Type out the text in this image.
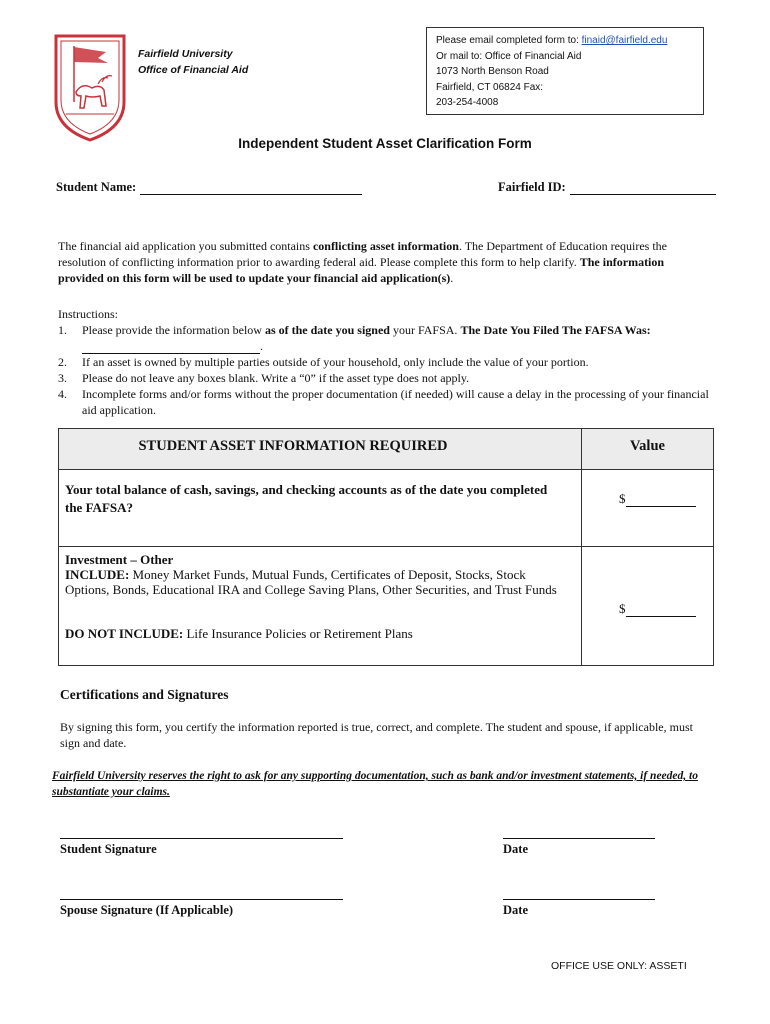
Fairfield University
Office of Financial Aid
Please email completed form to: finaid@fairfield.edu
Or mail to: Office of Financial Aid
1073 North Benson Road
Fairfield, CT 06824 Fax:
203-254-4008
Independent Student Asset Clarification Form
Student Name:	Fairfield ID:
The financial aid application you submitted contains conflicting asset information. The Department of Education requires the resolution of conflicting information prior to awarding federal aid. Please complete this form to help clarify. The information provided on this form will be used to update your financial aid application(s).
Instructions:
1. Please provide the information below as of the date you signed your FAFSA. The Date You Filed The FAFSA Was:
.
2. If an asset is owned by multiple parties outside of your household, only include the value of your portion.
3. Please do not leave any boxes blank. Write a “0” if the asset type does not apply.
4. Incomplete forms and/or forms without the proper documentation (if needed) will cause a delay in the processing of your financial aid application.
STUDENT ASSET INFORMATION REQUIRED	Value
Your total balance of cash, savings, and checking accounts as of the date you completed the FAFSA?
$
Investment – Other
INCLUDE: Money Market Funds, Mutual Funds, Certificates of Deposit, Stocks, Stock Options, Bonds, Educational IRA and College Saving Plans, Other Securities, and Trust Funds
DO NOT INCLUDE: Life Insurance Policies or Retirement Plans
$
Certifications and Signatures
By signing this form, you certify the information reported is true, correct, and complete. The student and spouse, if applicable, must sign and date.
Fairfield University reserves the right to ask for any supporting documentation, such as bank and/or investment statements, if needed, to substantiate your claims.
Student Signature	Date
Spouse Signature (If Applicable)	Date
OFFICE USE ONLY: ASSETI
